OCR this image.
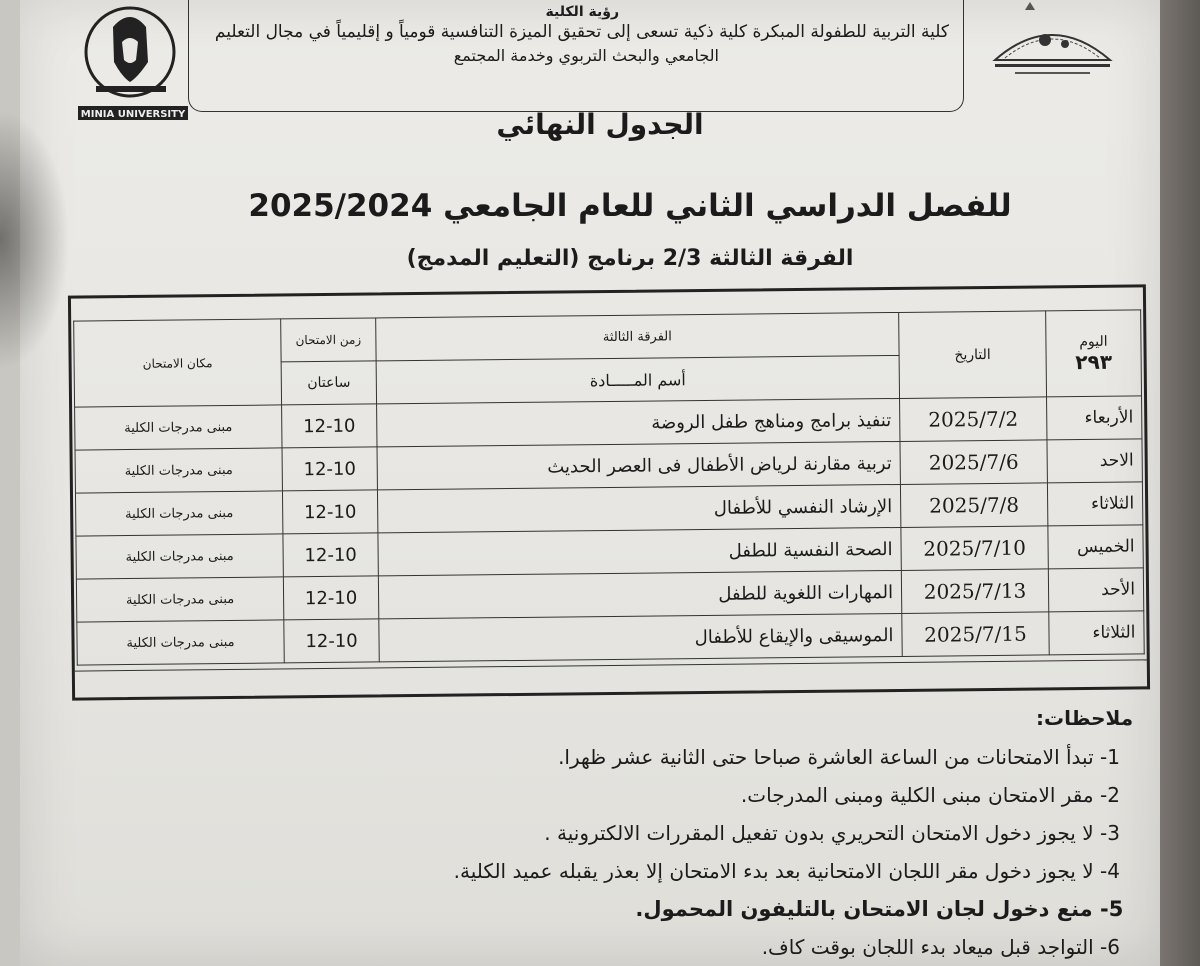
MINIA UNIVERSITY
رؤية الكلية
كلية التربية للطفولة المبكرة كلية ذكية تسعى إلى تحقيق الميزة التنافسية قومياً و إقليمياً في مجال التعليم
الجامعي والبحث التربوي وخدمة المجتمع
الجدول النهائي
للفصل الدراسي الثاني للعام الجامعي 2025/2024
الفرقة الثالثة 2/3 برنامج (التعليم المدمج)
اليوم
٢٩٣	التاريخ	الفرقة الثالثة	زمن الامتحان	مكان الامتحان
		أسم المـــــادة	ساعتان	
الأربعاء	2025/7/2	تنفيذ برامج ومناهج طفل الروضة	12-10	مبنى مدرجات الكلية
الاحد	2025/7/6	تربية مقارنة لرياض الأطفال فى العصر الحديث	12-10	مبنى مدرجات الكلية
الثلاثاء	2025/7/8	الإرشاد النفسي للأطفال	12-10	مبنى مدرجات الكلية
الخميس	2025/7/10	الصحة النفسية للطفل	12-10	مبنى مدرجات الكلية
الأحد	2025/7/13	المهارات اللغوية للطفل	12-10	مبنى مدرجات الكلية
الثلاثاء	2025/7/15	الموسيقى والإيقاع للأطفال	12-10	مبنى مدرجات الكلية
ملاحظات:
1- تبدأ الامتحانات من الساعة العاشرة صباحا حتى الثانية عشر ظهرا.
2- مقر الامتحان مبنى الكلية ومبنى المدرجات.
3- لا يجوز دخول الامتحان التحريري بدون تفعيل المقررات الالكترونية .
4- لا يجوز دخول مقر اللجان الامتحانية بعد بدء الامتحان إلا بعذر يقبله عميد الكلية.
5- منع دخول لجان الامتحان بالتليفون المحمول.
6- التواجد قبل ميعاد بدء اللجان بوقت كاف.
